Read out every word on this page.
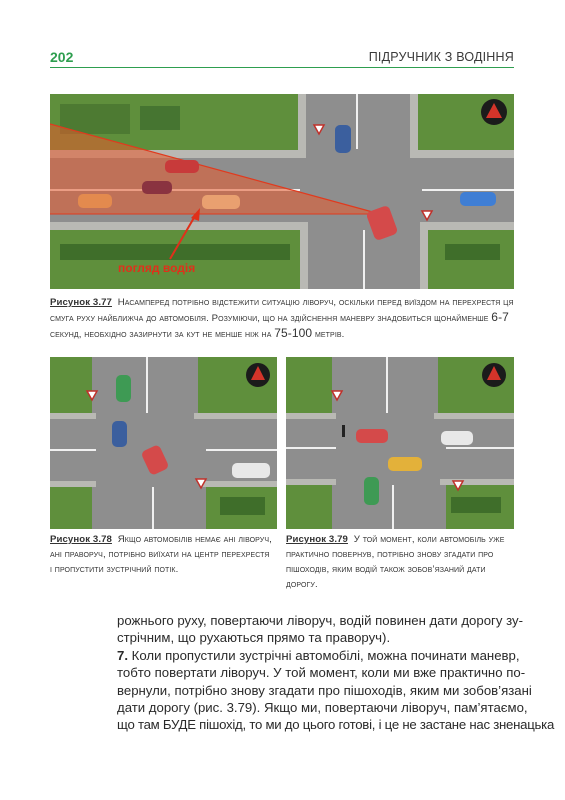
202	ПІДРУЧНИК З ВОДІННЯ
погляд водія
Рисунок 3.77 Насамперед потрібно відстежити ситуацію ліворуч, оскільки перед виїздом на перехрестя ця смуга руху найближча до автомобіля. Розуміючи, що на здійснення маневру знадобиться щонайменше 6-7 секунд, необхідно зазирнути за кут не менше ніж на 75-100 метрів.
Рисунок 3.78 Якщо автомобілів немає ані ліворуч, ані праворуч, потрібно виїхати на центр перехрестя і пропустити зустрічний потік.
Рисунок 3.79 У той момент, коли автомобіль уже практично повернув, потрібно знову згадати про пішоходів, яким водій також зобов’язаний дати дорогу.
рожнього руху, повертаючи ліворуч, водій повинен дати дорогу зу-
стрічним, що рухаються прямо та праворуч).
7. Коли пропустили зустрічні автомобілі, можна починати маневр,
тобто повертати ліворуч. У той момент, коли ми вже практично по-
вернули, потрібно знову згадати про пішоходів, яким ми зобов’язані
дати дорогу (рис. 3.79). Якщо ми, повертаючи ліворуч, пам’ятаємо,
що там БУДЕ пішохід, то ми до цього готові, і це не застане нас зненацька
